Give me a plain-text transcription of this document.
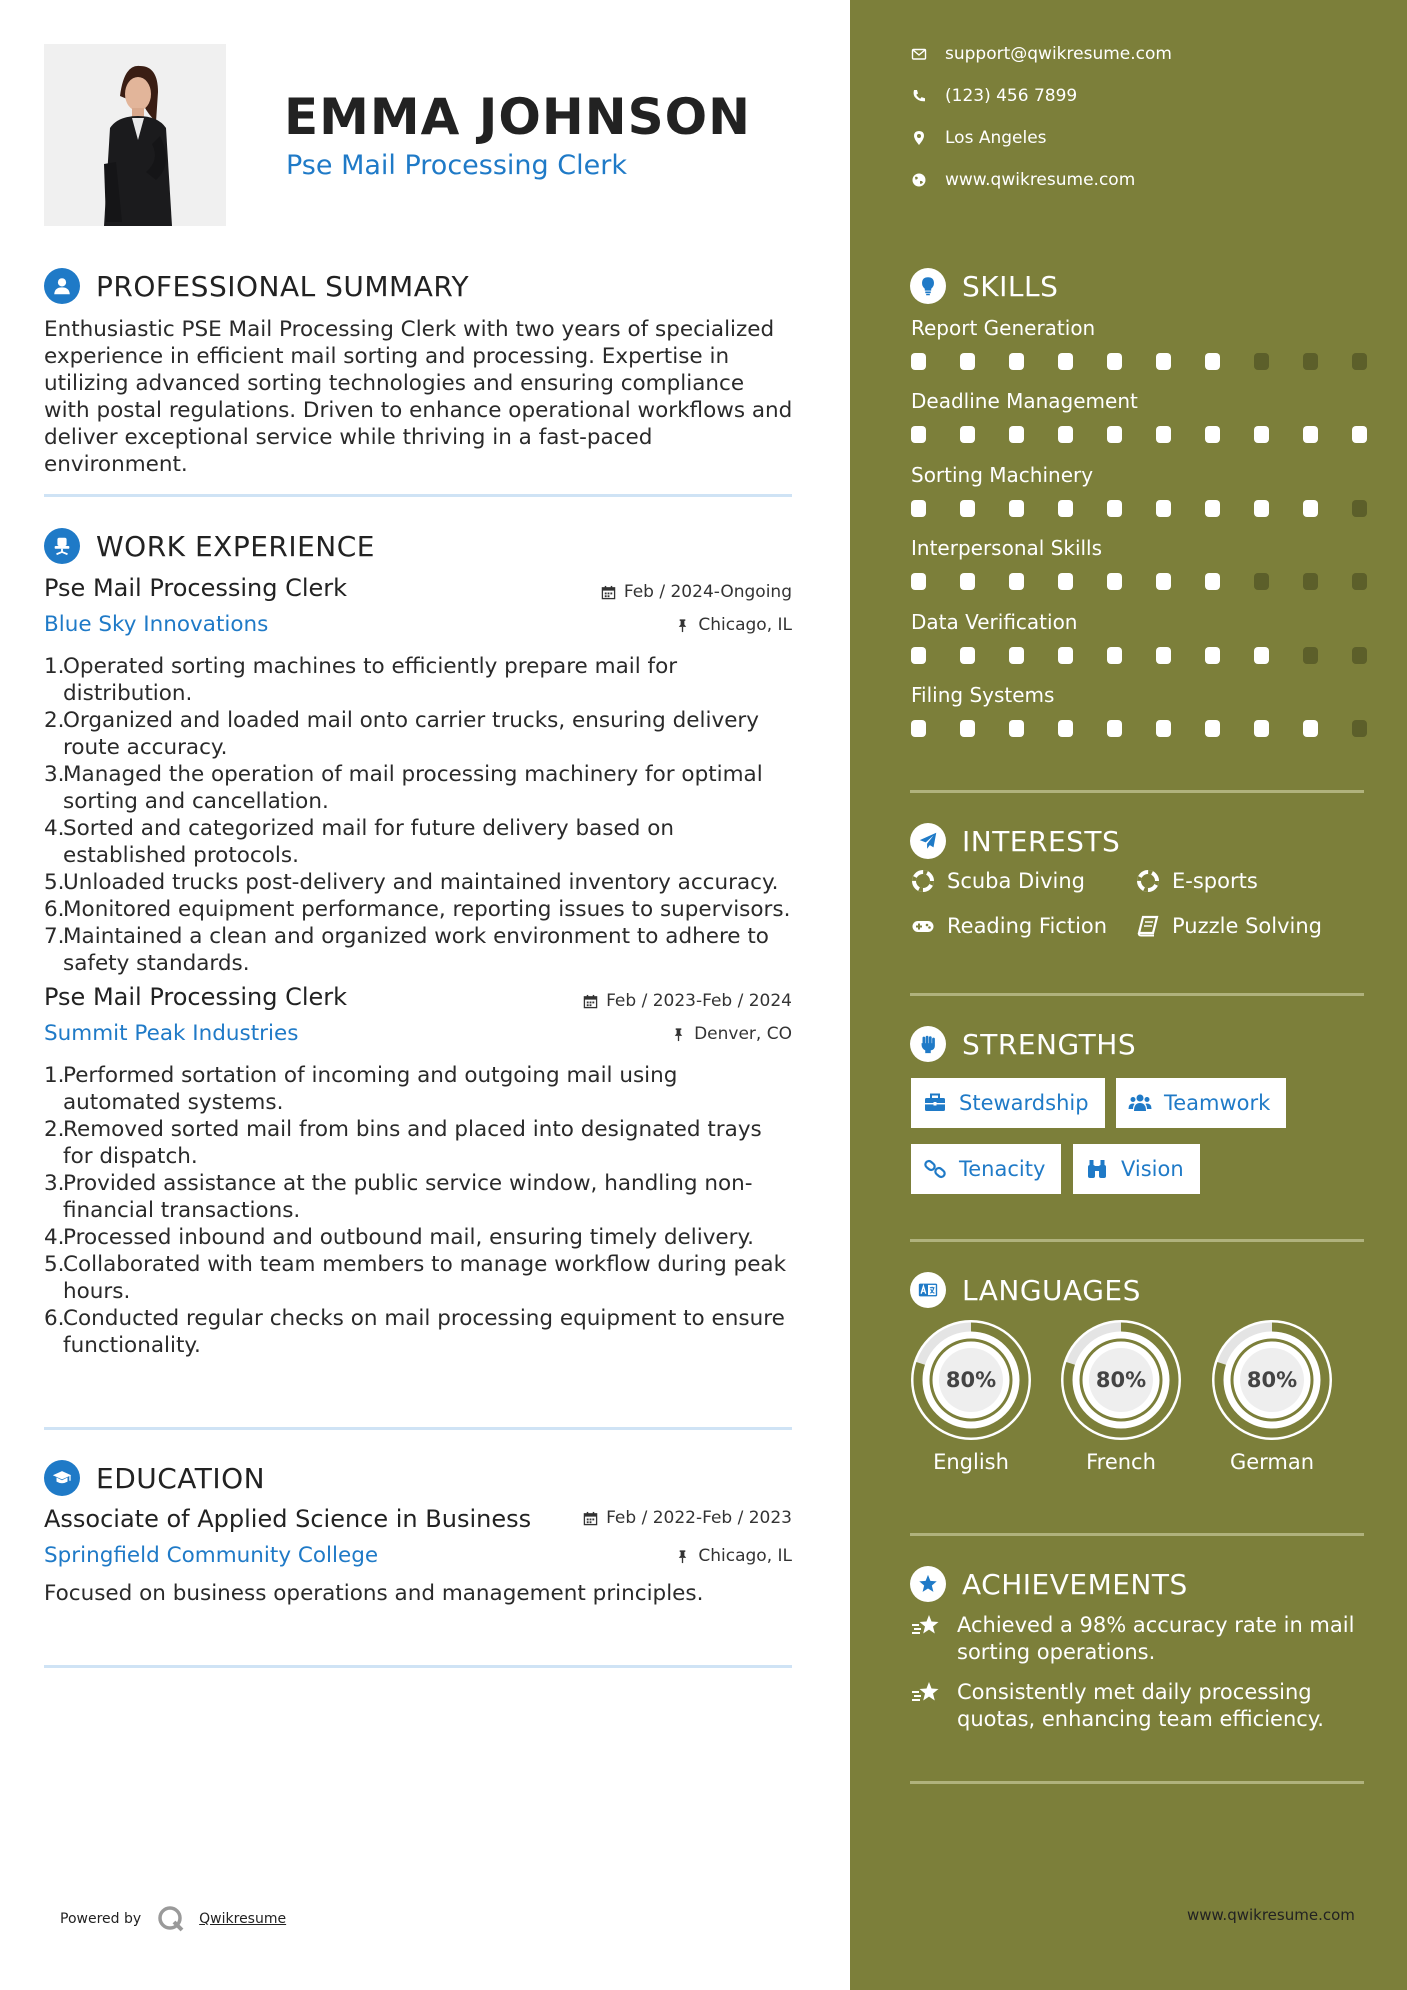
EMMA JOHNSON
Pse Mail Processing Clerk
PROFESSIONAL SUMMARY
Enthusiastic PSE Mail Processing Clerk with two years of specialized experience in efficient mail sorting and processing. Expertise in utilizing advanced sorting technologies and ensuring compliance with postal regulations. Driven to enhance operational workflows and deliver exceptional service while thriving in a fast-paced environment.
WORK EXPERIENCE
Pse Mail Processing Clerk	Feb / 2024-Ongoing
Blue Sky Innovations	Chicago, IL
1.
Operated sorting machines to efficiently prepare mail for distribution.
2.
Organized and loaded mail onto carrier trucks, ensuring delivery route accuracy.
3.
Managed the operation of mail processing machinery for optimal sorting and cancellation.
4.
Sorted and categorized mail for future delivery based on established protocols.
5.
Unloaded trucks post-delivery and maintained inventory accuracy.
6.
Monitored equipment performance, reporting issues to supervisors.
7.
Maintained a clean and organized work environment to adhere to safety standards.
Pse Mail Processing Clerk	Feb / 2023-Feb / 2024
Summit Peak Industries	Denver, CO
1.
Performed sortation of incoming and outgoing mail using automated systems.
2.
Removed sorted mail from bins and placed into designated trays for dispatch.
3.
Provided assistance at the public service window, handling non-financial transactions.
4.
Processed inbound and outbound mail, ensuring timely delivery.
5.
Collaborated with team members to manage workflow during peak hours.
6.
Conducted regular checks on mail processing equipment to ensure functionality.
EDUCATION
Associate of Applied Science in Business	Feb / 2022-Feb / 2023
Springfield Community College	Chicago, IL
Focused on business operations and management principles.
Powered by	Qwikresume
support@qwikresume.com
(123) 456 7899
Los Angeles
www.qwikresume.com
SKILLS
Report Generation
Deadline Management
Sorting Machinery
Interpersonal Skills
Data Verification
Filing Systems
INTERESTS
Scuba Diving	E-sports
Reading Fiction	Puzzle Solving
STRENGTHS
Stewardship	Teamwork
Tenacity	Vision
LANGUAGES
80%
English
80%
French
80%
German
ACHIEVEMENTS
Achieved a 98% accuracy rate in mail sorting operations.
Consistently met daily processing quotas, enhancing team efficiency.
www.qwikresume.com
